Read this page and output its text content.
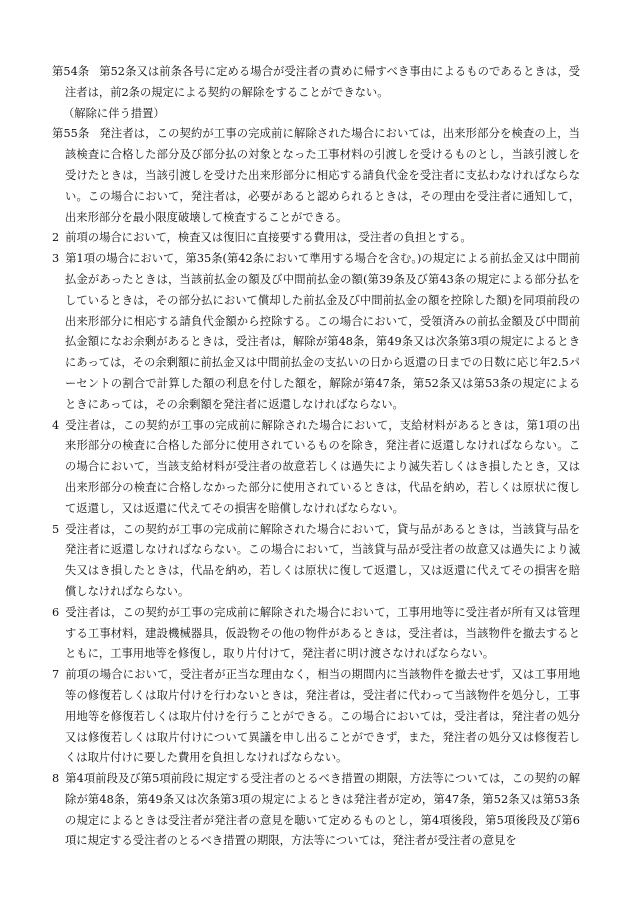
第54条 第52条又は前条各号に定める場合が受注者の責めに帰すべき事由によるものであるときは，受注者は，前2条の規定による契約の解除をすることができない。

（解除に伴う措置）

第55条 発注者は，この契約が工事の完成前に解除された場合においては，出来形部分を検査の上，当該検査に合格した部分及び部分払の対象となった工事材料の引渡しを受けるものとし，当該引渡しを受けたときは，当該引渡しを受けた出来形部分に相応する請負代金を受注者に支払わなければならない。この場合において，発注者は，必要があると認められるときは，その理由を受注者に通知して，出来形部分を最小限度破壊して検査することができる。

2 前項の場合において，検査又は復旧に直接要する費用は，受注者の負担とする。

3 第1項の場合において，第35条(第42条において準用する場合を含む。)の規定による前払金又は中間前払金があったときは，当該前払金の額及び中間前払金の額(第39条及び第43条の規定による部分払をしているときは，その部分払において償却した前払金及び中間前払金の額を控除した額)を同項前段の出来形部分に相応する請負代金額から控除する。この場合において，受領済みの前払金額及び中間前払金額になお余剰があるときは，受注者は，解除が第48条，第49条又は次条第3項の規定によるときにあっては，その余剰額に前払金又は中間前払金の支払いの日から返還の日までの日数に応じ年2.5パーセントの割合で計算した額の利息を付した額を，解除が第47条，第52条又は第53条の規定によるときにあっては，その余剰額を発注者に返還しなければならない。

4 受注者は，この契約が工事の完成前に解除された場合において，支給材料があるときは，第1項の出来形部分の検査に合格した部分に使用されているものを除き，発注者に返還しなければならない。この場合において，当該支給材料が受注者の故意若しくは過失により滅失若しくはき損したとき，又は出来形部分の検査に合格しなかった部分に使用されているときは，代品を納め，若しくは原状に復して返還し，又は返還に代えてその損害を賠償しなければならない。

5 受注者は，この契約が工事の完成前に解除された場合において，貸与品があるときは，当該貸与品を発注者に返還しなければならない。この場合において，当該貸与品が受注者の故意又は過失により滅失又はき損したときは，代品を納め，若しくは原状に復して返還し，又は返還に代えてその損害を賠償しなければならない。

6 受注者は，この契約が工事の完成前に解除された場合において，工事用地等に受注者が所有又は管理する工事材料，建設機械器具，仮設物その他の物件があるときは，受注者は，当該物件を撤去するとともに，工事用地等を修復し，取り片付けて，発注者に明け渡さなければならない。

7 前項の場合において，受注者が正当な理由なく，相当の期間内に当該物件を撤去せず，又は工事用地等の修復若しくは取片付けを行わないときは，発注者は，受注者に代わって当該物件を処分し，工事用地等を修復若しくは取片付けを行うことができる。この場合においては，受注者は，発注者の処分又は修復若しくは取片付けについて異議を申し出ることができず，また，発注者の処分又は修復若しくは取片付けに要した費用を負担しなければならない。

8 第4項前段及び第5項前段に規定する受注者のとるべき措置の期限，方法等については，この契約の解除が第48条，第49条又は次条第3項の規定によるときは発注者が定め，第47条，第52条又は第53条の規定によるときは受注者が発注者の意見を聴いて定めるものとし，第4項後段，第5項後段及び第6項に規定する受注者のとるべき措置の期限，方法等については，発注者が受注者の意見を
